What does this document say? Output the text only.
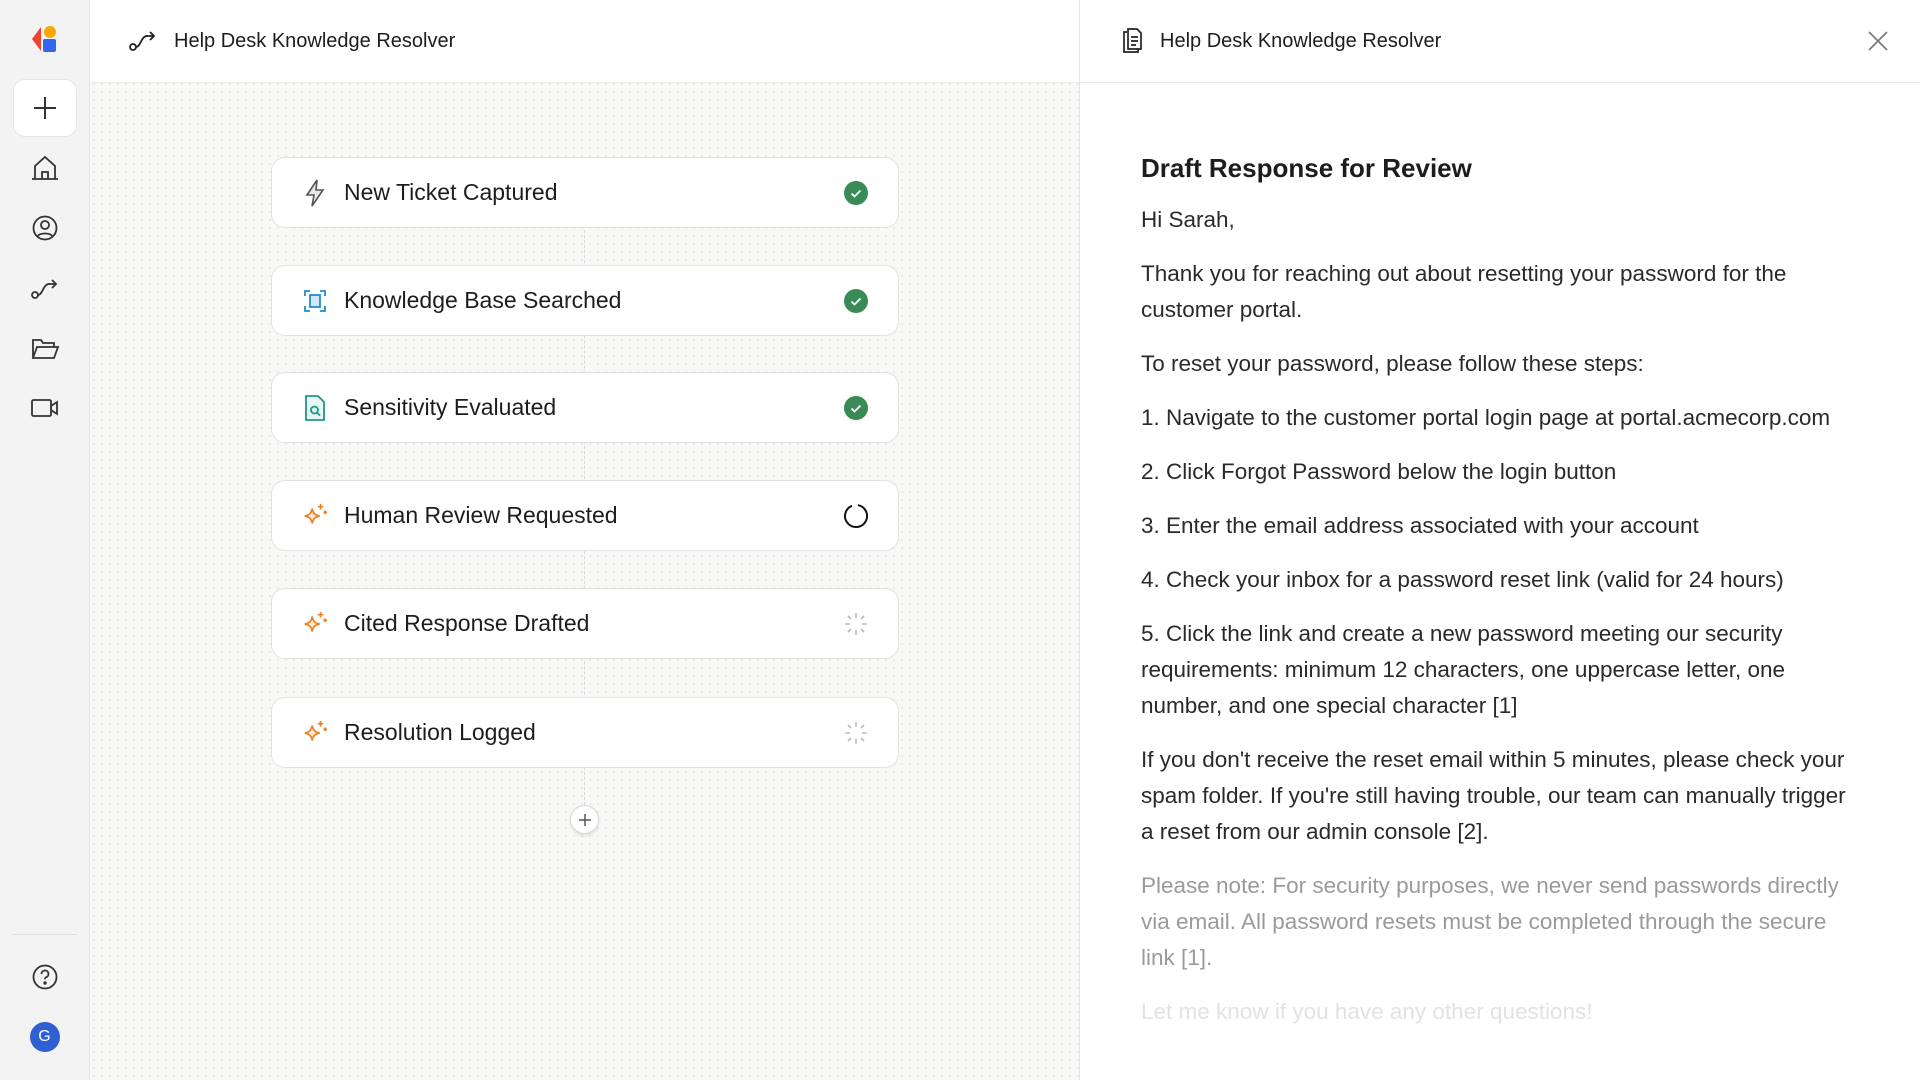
G
Help Desk Knowledge Resolver
New Ticket Captured
Knowledge Base Searched
Sensitivity Evaluated
Human Review Requested
Cited Response Drafted
Resolution Logged
Help Desk Knowledge Resolver
Draft Response for Review

Hi Sarah,

Thank you for reaching out about resetting your password for the customer portal.

To reset your password, please follow these steps:

1. Navigate to the customer portal login page at portal.acmecorp.com

2. Click Forgot Password below the login button

3. Enter the email address associated with your account

4. Check your inbox for a password reset link (valid for 24 hours)

5. Click the link and create a new password meeting our security requirements: minimum 12 characters, one uppercase letter, one number, and one special character [1]

If you don't receive the reset email within 5 minutes, please check your spam folder. If you're still having trouble, our team can manually trigger a reset from our admin console [2].

Please note: For security purposes, we never send passwords directly via email. All password resets must be completed through the secure link [1].

Let me know if you have any other questions!
